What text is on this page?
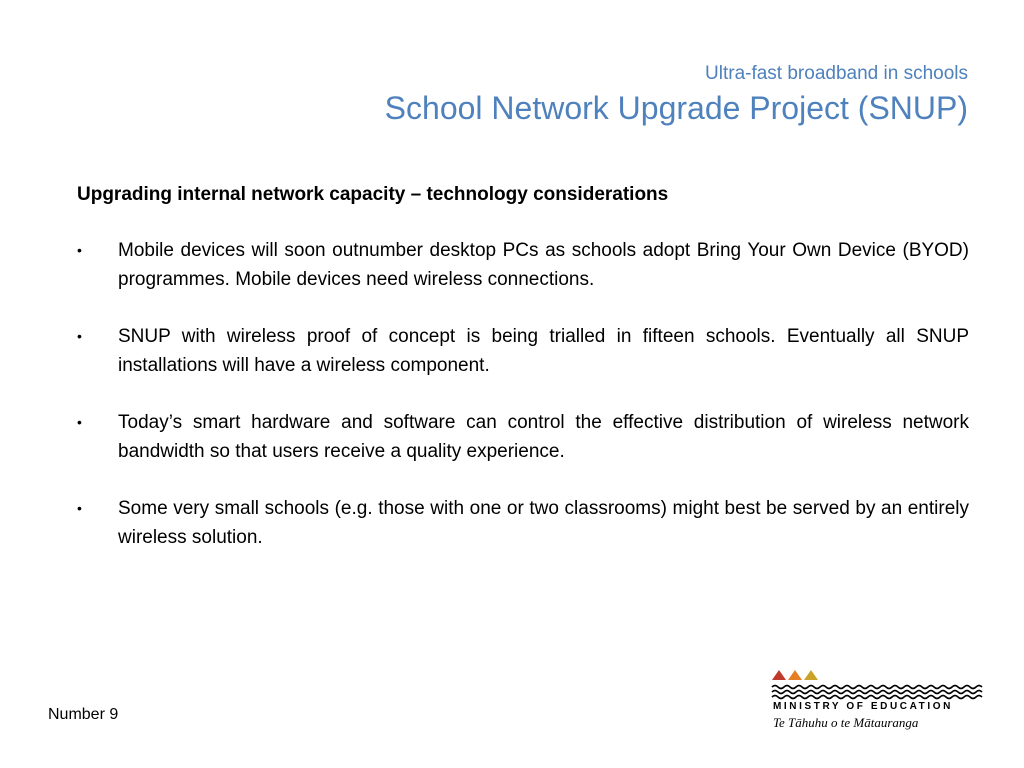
Ultra-fast broadband in schools
School Network Upgrade Project (SNUP)
Upgrading internal network capacity – technology considerations
• Mobile devices will soon outnumber desktop PCs as schools adopt Bring Your Own Device (BYOD) programmes. Mobile devices need wireless connections.
• SNUP with wireless proof of concept is being trialled in fifteen schools. Eventually all SNUP installations will have a wireless component.
• Today’s smart hardware and software can control the effective distribution of wireless network bandwidth so that users receive a quality experience.
• Some very small schools (e.g. those with one or two classrooms) might best be served by an entirely wireless solution.
Number 9	MINISTRY OF EDUCATION
Te Tāhuhu o te Mātauranga
